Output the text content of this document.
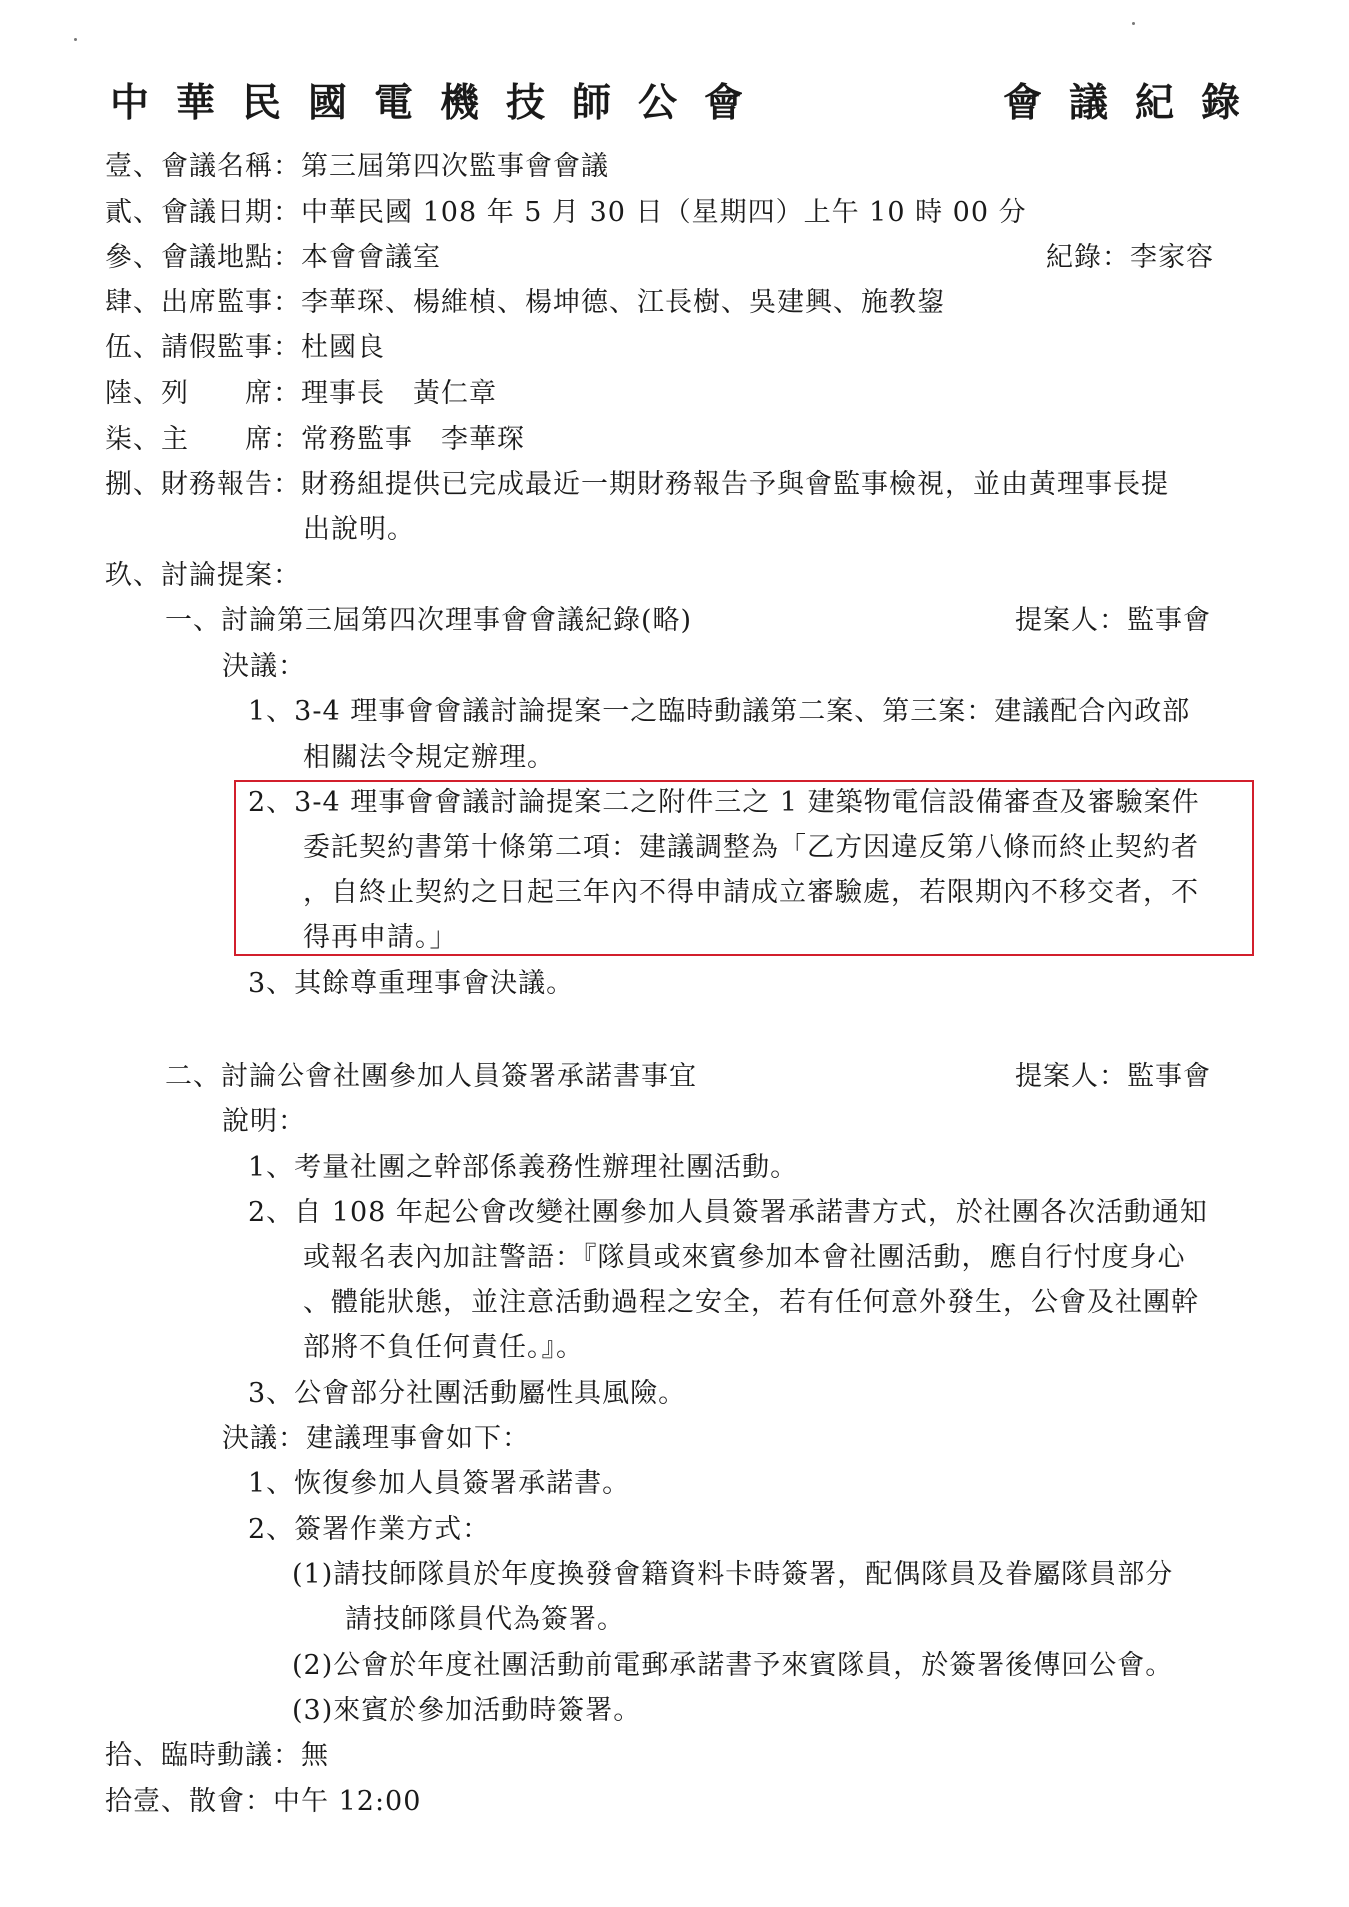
中華民國電機技師公會	會議紀錄
壹、會議名稱：第三屆第四次監事會會議
貳、會議日期：中華民國 108 年 5 月 30 日（星期四）上午 10 時 00 分
參、會議地點：本會會議室	紀錄：李家容
肆、出席監事：李華琛、楊維楨、楊坤德、江長樹、吳建興、施教鋆
伍、請假監事：杜國良
陸、列　　席：理事長　黃仁章
柒、主　　席：常務監事　李華琛
捌、財務報告：財務組提供已完成最近一期財務報告予與會監事檢視，並由黃理事長提
出說明。
玖、討論提案：
一、討論第三屆第四次理事會會議紀錄(略)	提案人：監事會
決議：
1、3-4 理事會會議討論提案一之臨時動議第二案、第三案：建議配合內政部
相關法令規定辦理。
2、3-4 理事會會議討論提案二之附件三之 1 建築物電信設備審查及審驗案件
委託契約書第十條第二項：建議調整為「乙方因違反第八條而終止契約者
，自終止契約之日起三年內不得申請成立審驗處，若限期內不移交者，不
得再申請。」
3、其餘尊重理事會決議。
二、討論公會社團參加人員簽署承諾書事宜	提案人：監事會
說明：
1、考量社團之幹部係義務性辦理社團活動。
2、自 108 年起公會改變社團參加人員簽署承諾書方式，於社團各次活動通知
或報名表內加註警語：『隊員或來賓參加本會社團活動，應自行忖度身心
、體能狀態，並注意活動過程之安全，若有任何意外發生，公會及社團幹
部將不負任何責任。』。
3、公會部分社團活動屬性具風險。
決議：建議理事會如下：
1、恢復參加人員簽署承諾書。
2、簽署作業方式：
(1)請技師隊員於年度換發會籍資料卡時簽署，配偶隊員及眷屬隊員部分
請技師隊員代為簽署。
(2)公會於年度社團活動前電郵承諾書予來賓隊員，於簽署後傳回公會。
(3)來賓於參加活動時簽署。
拾、臨時動議：無
拾壹、散會：中午 12:00
